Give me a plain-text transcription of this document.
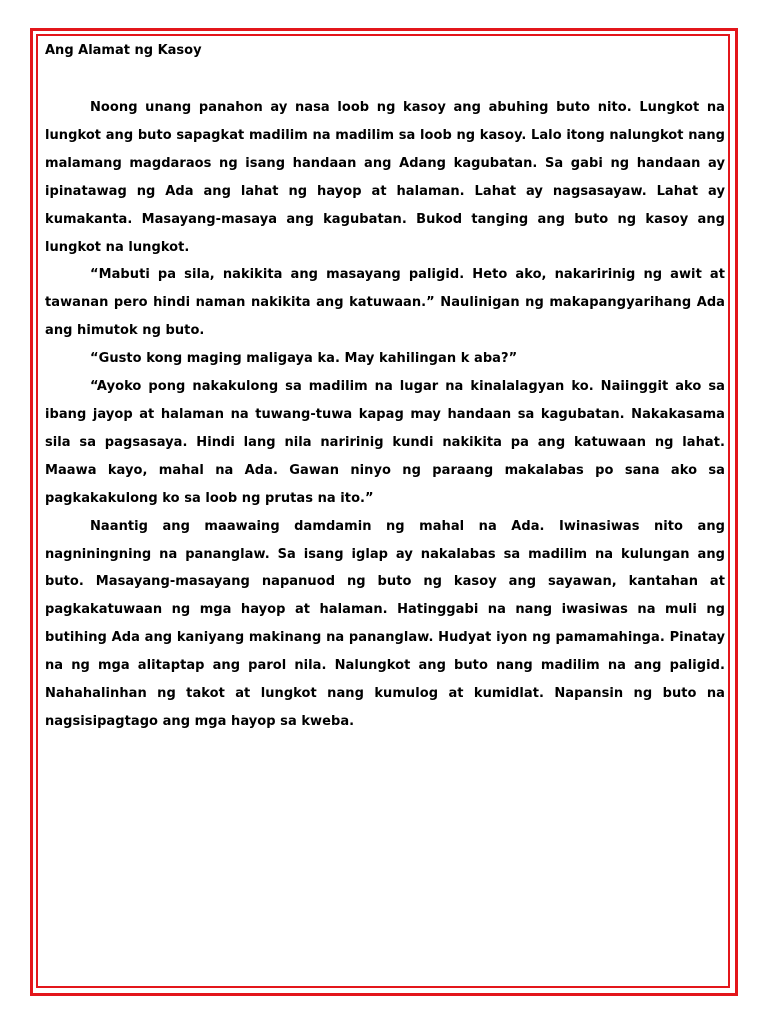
Ang Alamat ng Kasoy

Noong unang panahon ay nasa loob ng kasoy ang abuhing buto nito. Lungkot na lungkot ang buto sapagkat madilim na madilim sa loob ng kasoy. Lalo itong nalungkot nang malamang magdaraos ng isang handaan ang Adang kagubatan. Sa gabi ng handaan ay ipinatawag ng Ada ang lahat ng hayop at halaman. Lahat ay nagsasayaw. Lahat ay kumakanta. Masayang-masaya ang kagubatan. Bukod tanging ang buto ng kasoy ang lungkot na lungkot.

“Mabuti pa sila, nakikita ang masayang paligid. Heto ako, nakaririnig ng awit at tawanan pero hindi naman nakikita ang katuwaan.” Naulinigan ng makapangyarihang Ada ang himutok ng buto.

“Gusto kong maging maligaya ka. May kahilingan k aba?”

“Ayoko pong nakakulong sa madilim na lugar na kinalalagyan ko. Naiinggit ako sa ibang jayop at halaman na tuwang-tuwa kapag may handaan sa kagubatan. Nakakasama sila sa pagsasaya. Hindi lang nila naririnig kundi nakikita pa ang katuwaan ng lahat. Maawa kayo, mahal na Ada. Gawan ninyo ng paraang makalabas po sana ako sa pagkakakulong ko sa loob ng prutas na ito.”

Naantig ang maawaing damdamin ng mahal na Ada. Iwinasiwas nito ang nagniningning na pananglaw. Sa isang iglap ay nakalabas sa madilim na kulungan ang buto. Masayang-masayang napanuod ng buto ng kasoy ang sayawan, kantahan at pagkakatuwaan ng mga hayop at halaman. Hatinggabi na nang iwasiwas na muli ng butihing Ada ang kaniyang makinang na pananglaw. Hudyat iyon ng pamamahinga. Pinatay na ng mga alitaptap ang parol nila. Nalungkot ang buto nang madilim na ang paligid. Nahahalinhan ng takot at lungkot nang kumulog at kumidlat. Napansin ng buto na nagsisipagtago ang mga hayop sa kweba.
